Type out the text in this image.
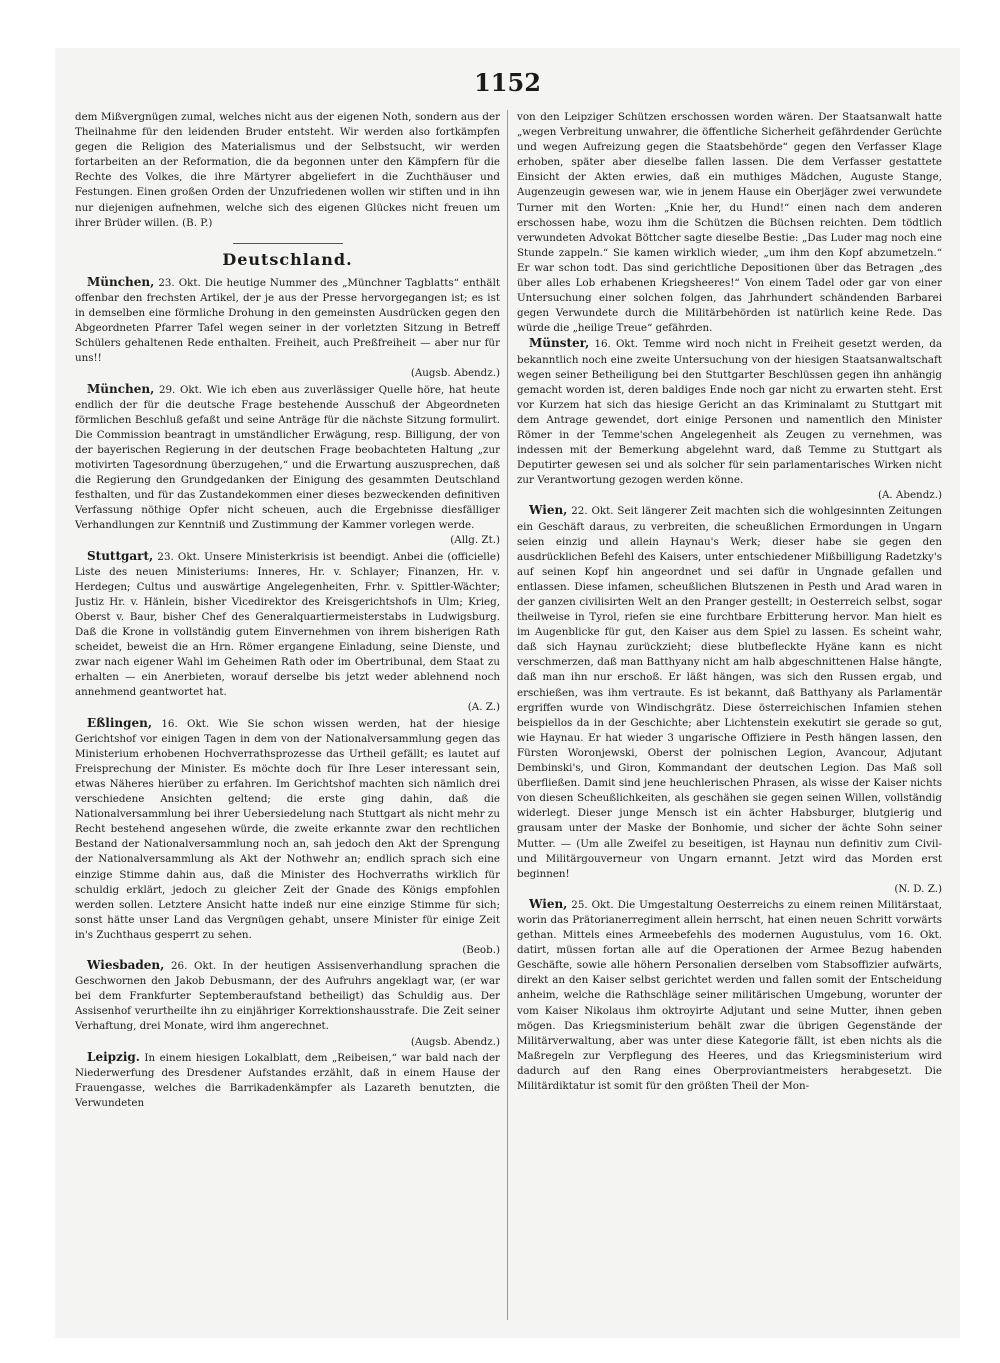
1152

dem Mißvergnügen zumal, welches nicht aus der eigenen Noth, sondern aus der Theilnahme für den leidenden Bruder entsteht. Wir werden also fortkämpfen gegen die Religion des Materialismus und der Selbstsucht, wir werden fortarbeiten an der Reformation, die da begonnen unter den Kämpfern für die Rechte des Volkes, die ihre Märtyrer abgeliefert in die Zuchthäuser und Festungen. Einen großen Orden der Unzufriedenen wollen wir stiften und in ihn nur diejenigen aufnehmen, welche sich des eigenen Glückes nicht freuen um ihrer Brüder willen. (B. P.)

Deutschland.

München, 23. Okt. Die heutige Nummer des „Münchner Tagblatts“ enthält offenbar den frechsten Artikel, der je aus der Presse hervorgegangen ist; es ist in demselben eine förmliche Drohung in den gemeinsten Ausdrücken gegen den Abgeordneten Pfarrer Tafel wegen seiner in der vorletzten Sitzung in Betreff Schülers gehaltenen Rede enthalten. Freiheit, auch Preßfreiheit — aber nur für uns!!
(Augsb. Abendz.)

München, 29. Okt. Wie ich eben aus zuverlässiger Quelle höre, hat heute endlich der für die deutsche Frage bestehende Ausschuß der Abgeordneten förmlichen Beschluß gefaßt und seine Anträge für die nächste Sitzung formulirt. Die Commission beantragt in umständlicher Erwägung, resp. Billigung, der von der bayerischen Regierung in der deutschen Frage beobachteten Haltung „zur motivirten Tagesordnung überzugehen,“ und die Erwartung auszusprechen, daß die Regierung den Grundgedanken der Einigung des gesammten Deutschland festhalten, und für das Zustandekommen einer dieses bezweckenden definitiven Verfassung nöthige Opfer nicht scheuen, auch die Ergebnisse diesfälliger Verhandlungen zur Kenntniß und Zustimmung der Kammer vorlegen werde.
(Allg. Zt.)

Stuttgart, 23. Okt. Unsere Ministerkrisis ist beendigt. Anbei die (officielle) Liste des neuen Ministeriums: Inneres, Hr. v. Schlayer; Finanzen, Hr. v. Herdegen; Cultus und auswärtige Angelegenheiten, Frhr. v. Spittler-Wächter; Justiz Hr. v. Hänlein, bisher Vicedirektor des Kreisgerichtshofs in Ulm; Krieg, Oberst v. Baur, bisher Chef des Generalquartiermeisterstabs in Ludwigsburg. Daß die Krone in vollständig gutem Einvernehmen von ihrem bisherigen Rath scheidet, beweist die an Hrn. Römer ergangene Einladung, seine Dienste, und zwar nach eigener Wahl im Geheimen Rath oder im Obertribunal, dem Staat zu erhalten — ein Anerbieten, worauf derselbe bis jetzt weder ablehnend noch annehmend geantwortet hat.
(A. Z.)

Eßlingen, 16. Okt. Wie Sie schon wissen werden, hat der hiesige Gerichtshof vor einigen Tagen in dem von der Nationalversammlung gegen das Ministerium erhobenen Hochverrathsprozesse das Urtheil gefällt; es lautet auf Freisprechung der Minister. Es möchte doch für Ihre Leser interessant sein, etwas Näheres hierüber zu erfahren. Im Gerichtshof machten sich nämlich drei verschiedene Ansichten geltend; die erste ging dahin, daß die Nationalversammlung bei ihrer Uebersiedelung nach Stuttgart als nicht mehr zu Recht bestehend angesehen würde, die zweite erkannte zwar den rechtlichen Bestand der Nationalversammlung noch an, sah jedoch den Akt der Sprengung der Nationalversammlung als Akt der Nothwehr an; endlich sprach sich eine einzige Stimme dahin aus, daß die Minister des Hochverraths wirklich für schuldig erklärt, jedoch zu gleicher Zeit der Gnade des Königs empfohlen werden sollen. Letztere Ansicht hatte indeß nur eine einzige Stimme für sich; sonst hätte unser Land das Vergnügen gehabt, unsere Minister für einige Zeit in's Zuchthaus gesperrt zu sehen.
(Beob.)

Wiesbaden, 26. Okt. In der heutigen Assisenverhandlung sprachen die Geschwornen den Jakob Debusmann, der des Aufruhrs angeklagt war, (er war bei dem Frankfurter Septemberaufstand betheiligt) das Schuldig aus. Der Assisenhof verurtheilte ihn zu einjähriger Korrektionshausstrafe. Die Zeit seiner Verhaftung, drei Monate, wird ihm angerechnet.
(Augsb. Abendz.)

Leipzig. In einem hiesigen Lokalblatt, dem „Reibeisen,“ war bald nach der Niederwerfung des Dresdener Aufstandes erzählt, daß in einem Hause der Frauengasse, welches die Barrikadenkämpfer als Lazareth benutzten, die Verwundeten

von den Leipziger Schützen erschossen worden wären. Der Staatsanwalt hatte „wegen Verbreitung unwahrer, die öffentliche Sicherheit gefährdender Gerüchte und wegen Aufreizung gegen die Staatsbehörde“ gegen den Verfasser Klage erhoben, später aber dieselbe fallen lassen. Die dem Verfasser gestattete Einsicht der Akten erwies, daß ein muthiges Mädchen, Auguste Stange, Augenzeugin gewesen war, wie in jenem Hause ein Oberjäger zwei verwundete Turner mit den Worten: „Knie her, du Hund!“ einen nach dem anderen erschossen habe, wozu ihm die Schützen die Büchsen reichten. Dem tödtlich verwundeten Advokat Böttcher sagte dieselbe Bestie: „Das Luder mag noch eine Stunde zappeln.“ Sie kamen wirklich wieder, „um ihm den Kopf abzumetzeln.“ Er war schon todt. Das sind gerichtliche Depositionen über das Betragen „des über alles Lob erhabenen Kriegsheeres!“ Von einem Tadel oder gar von einer Untersuchung einer solchen folgen, das Jahrhundert schändenden Barbarei gegen Verwundete durch die Militärbehörden ist natürlich keine Rede. Das würde die „heilige Treue“ gefährden.

Münster, 16. Okt. Temme wird noch nicht in Freiheit gesetzt werden, da bekanntlich noch eine zweite Untersuchung von der hiesigen Staatsanwaltschaft wegen seiner Betheiligung bei den Stuttgarter Beschlüssen gegen ihn anhängig gemacht worden ist, deren baldiges Ende noch gar nicht zu erwarten steht. Erst vor Kurzem hat sich das hiesige Gericht an das Kriminalamt zu Stuttgart mit dem Antrage gewendet, dort einige Personen und namentlich den Minister Römer in der Temme'schen Angelegenheit als Zeugen zu vernehmen, was indessen mit der Bemerkung abgelehnt ward, daß Temme zu Stuttgart als Deputirter gewesen sei und als solcher für sein parlamentarisches Wirken nicht zur Verantwortung gezogen werden könne.
(A. Abendz.)

Wien, 22. Okt. Seit längerer Zeit machten sich die wohlgesinnten Zeitungen ein Geschäft daraus, zu verbreiten, die scheußlichen Ermordungen in Ungarn seien einzig und allein Haynau's Werk; dieser habe sie gegen den ausdrücklichen Befehl des Kaisers, unter entschiedener Mißbilligung Radetzky's auf seinen Kopf hin angeordnet und sei dafür in Ungnade gefallen und entlassen. Diese infamen, scheußlichen Blutszenen in Pesth und Arad waren in der ganzen civilisirten Welt an den Pranger gestellt; in Oesterreich selbst, sogar theilweise in Tyrol, riefen sie eine furchtbare Erbitterung hervor. Man hielt es im Augenblicke für gut, den Kaiser aus dem Spiel zu lassen. Es scheint wahr, daß sich Haynau zurückzieht; diese blutbefleckte Hyäne kann es nicht verschmerzen, daß man Batthyany nicht am halb abgeschnittenen Halse hängte, daß man ihn nur erschoß. Er läßt hängen, was sich den Russen ergab, und erschießen, was ihm vertraute. Es ist bekannt, daß Batthyany als Parlamentär ergriffen wurde von Windischgrätz. Diese österreichischen Infamien stehen beispiellos da in der Geschichte; aber Lichtenstein exekutirt sie gerade so gut, wie Haynau. Er hat wieder 3 ungarische Offiziere in Pesth hängen lassen, den Fürsten Woronjewski, Oberst der polnischen Legion, Avancour, Adjutant Dembinski's, und Giron, Kommandant der deutschen Legion. Das Maß soll überfließen. Damit sind jene heuchlerischen Phrasen, als wisse der Kaiser nichts von diesen Scheußlichkeiten, als geschähen sie gegen seinen Willen, vollständig widerlegt. Dieser junge Mensch ist ein ächter Habsburger, blutgierig und grausam unter der Maske der Bonhomie, und sicher der ächte Sohn seiner Mutter. — (Um alle Zweifel zu beseitigen, ist Haynau nun definitiv zum Civil- und Militärgouverneur von Ungarn ernannt. Jetzt wird das Morden erst beginnen!
(N. D. Z.)

Wien, 25. Okt. Die Umgestaltung Oesterreichs zu einem reinen Militärstaat, worin das Prätorianerregiment allein herrscht, hat einen neuen Schritt vorwärts gethan. Mittels eines Armeebefehls des modernen Augustulus, vom 16. Okt. datirt, müssen fortan alle auf die Operationen der Armee Bezug habenden Geschäfte, sowie alle höhern Personalien derselben vom Stabsoffizier aufwärts, direkt an den Kaiser selbst gerichtet werden und fallen somit der Entscheidung anheim, welche die Rathschläge seiner militärischen Umgebung, worunter der vom Kaiser Nikolaus ihm oktroyirte Adjutant und seine Mutter, ihnen geben mögen. Das Kriegsministerium behält zwar die übrigen Gegenstände der Militärverwaltung, aber was unter diese Kategorie fällt, ist eben nichts als die Maßregeln zur Verpflegung des Heeres, und das Kriegsministerium wird dadurch auf den Rang eines Oberproviantmeisters herabgesetzt. Die Militärdiktatur ist somit für den größten Theil der Mon-
